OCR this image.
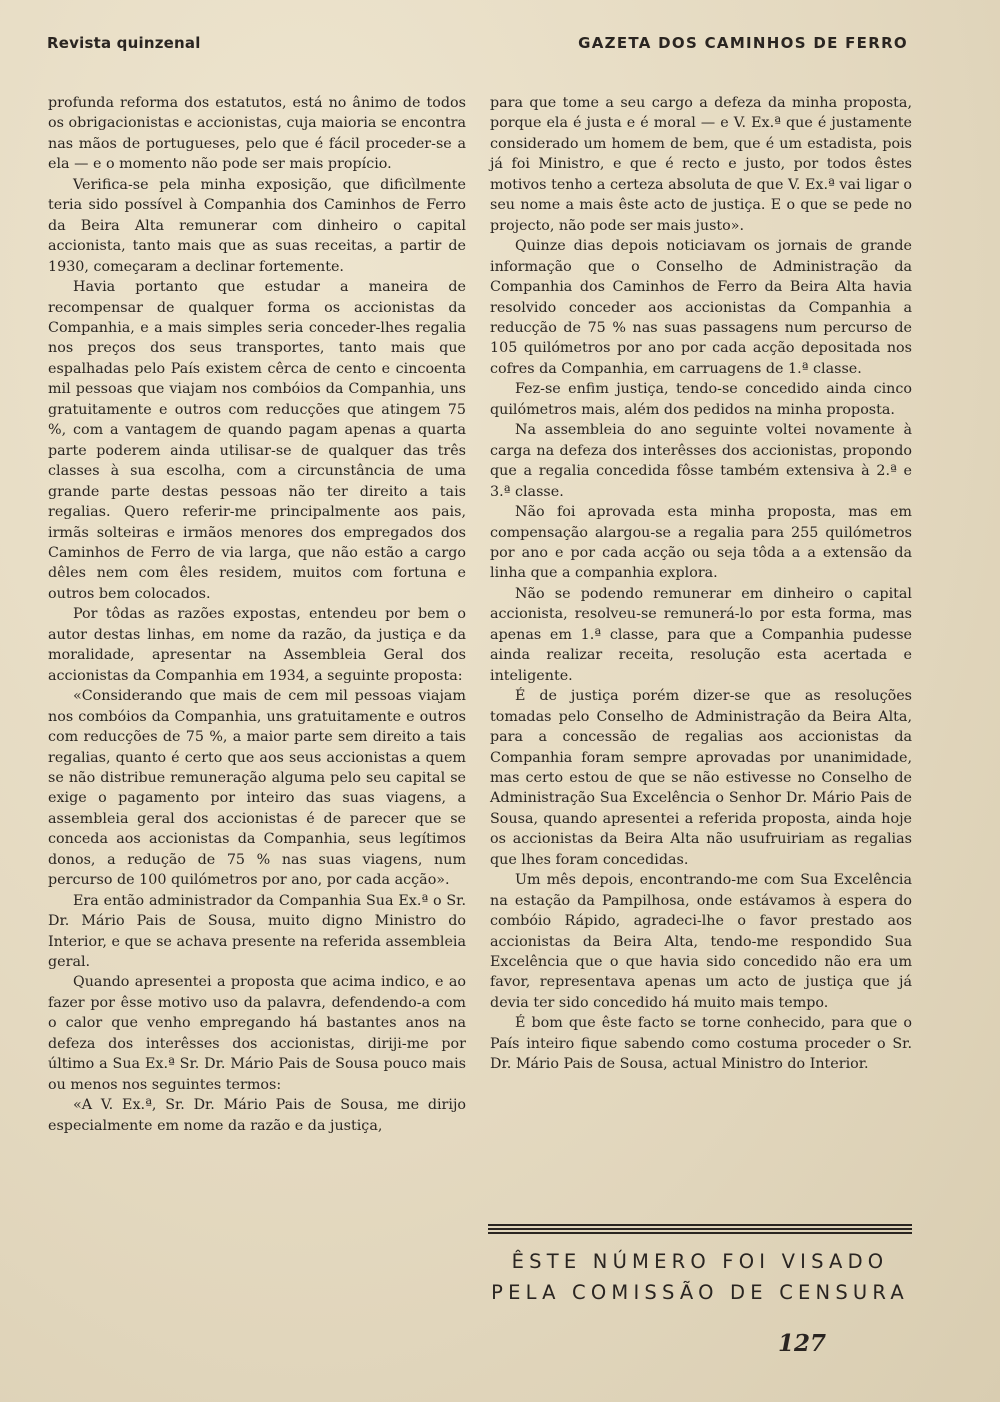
Revista quinzenal	GAZETA DOS CAMINHOS DE FERRO

profunda reforma dos estatutos, está no ânimo de todos os obrigacionistas e accionistas, cuja maioria se encontra nas mãos de portugueses, pelo que é fácil proceder-se a ela — e o momento não pode ser mais propício.

Verifica-se pela minha exposição, que dificìlmente teria sido possível à Companhia dos Caminhos de Ferro da Beira Alta remunerar com dinheiro o capital accionista, tanto mais que as suas receitas, a partir de 1930, começaram a declinar fortemente.

Havia portanto que estudar a maneira de recompensar de qualquer forma os accionistas da Companhia, e a mais simples seria conceder-lhes regalia nos preços dos seus transportes, tanto mais que espalhadas pelo País existem cêrca de cento e cincoenta mil pessoas que viajam nos combóios da Companhia, uns gratuitamente e outros com reducções que atingem 75 %, com a vantagem de quando pagam apenas a quarta parte poderem ainda utilisar-se de qualquer das três classes à sua escolha, com a circunstância de uma grande parte destas pessoas não ter direito a tais regalias. Quero referir-me principalmente aos pais, irmãs solteiras e irmãos menores dos empregados dos Caminhos de Ferro de via larga, que não estão a cargo dêles nem com êles residem, muitos com fortuna e outros bem colocados.

Por tôdas as razões expostas, entendeu por bem o autor destas linhas, em nome da razão, da justiça e da moralidade, apresentar na Assembleia Geral dos accionistas da Companhia em 1934, a seguinte proposta:

«Considerando que mais de cem mil pessoas viajam nos combóios da Companhia, uns gratuitamente e outros com reducções de 75 %, a maior parte sem direito a tais regalias, quanto é certo que aos seus accionistas a quem se não distribue remuneração alguma pelo seu capital se exige o pagamento por inteiro das suas viagens, a assembleia geral dos accionistas é de parecer que se conceda aos accionistas da Companhia, seus legítimos donos, a redução de 75 % nas suas viagens, num percurso de 100 quilómetros por ano, por cada acção».

Era então administrador da Companhia Sua Ex.ª o Sr. Dr. Mário Pais de Sousa, muito digno Ministro do Interior, e que se achava presente na referida assembleia geral.

Quando apresentei a proposta que acima indico, e ao fazer por êsse motivo uso da palavra, defendendo-a com o calor que venho empregando há bastantes anos na defeza dos interêsses dos accionistas, diriji-me por último a Sua Ex.ª Sr. Dr. Mário Pais de Sousa pouco mais ou menos nos seguintes termos:

«A V. Ex.ª, Sr. Dr. Mário Pais de Sousa, me dirijo especialmente em nome da razão e da justiça,

para que tome a seu cargo a defeza da minha proposta, porque ela é justa e é moral — e V. Ex.ª que é justamente considerado um homem de bem, que é um estadista, pois já foi Ministro, e que é recto e justo, por todos êstes motivos tenho a certeza absoluta de que V. Ex.ª vai ligar o seu nome a mais êste acto de justiça. E o que se pede no projecto, não pode ser mais justo».

Quinze dias depois noticiavam os jornais de grande informação que o Conselho de Administração da Companhia dos Caminhos de Ferro da Beira Alta havia resolvido conceder aos accionistas da Companhia a reducção de 75 % nas suas passagens num percurso de 105 quilómetros por ano por cada acção depositada nos cofres da Companhia, em carruagens de 1.ª classe.

Fez-se enfim justiça, tendo-se concedido ainda cinco quilómetros mais, além dos pedidos na minha proposta.

Na assembleia do ano seguinte voltei novamente à carga na defeza dos interêsses dos accionistas, propondo que a regalia concedida fôsse também extensiva à 2.ª e 3.ª classe.

Não foi aprovada esta minha proposta, mas em compensação alargou-se a regalia para 255 quilómetros por ano e por cada acção ou seja tôda a a extensão da linha que a companhia explora.

Não se podendo remunerar em dinheiro o capital accionista, resolveu-se remunerá-lo por esta forma, mas apenas em 1.ª classe, para que a Companhia pudesse ainda realizar receita, resolução esta acertada e inteligente.

É de justiça porém dizer-se que as resoluções tomadas pelo Conselho de Administração da Beira Alta, para a concessão de regalias aos accionistas da Companhia foram sempre aprovadas por unanimidade, mas certo estou de que se não estivesse no Conselho de Administração Sua Excelência o Senhor Dr. Mário Pais de Sousa, quando apresentei a referida proposta, ainda hoje os accionistas da Beira Alta não usufruiriam as regalias que lhes foram concedidas.

Um mês depois, encontrando-me com Sua Excelência na estação da Pampilhosa, onde estávamos à espera do combóio Rápido, agradeci-lhe o favor prestado aos accionistas da Beira Alta, tendo-me respondido Sua Excelência que o que havia sido concedido não era um favor, representava apenas um acto de justiça que já devia ter sido concedido há muito mais tempo.

É bom que êste facto se torne conhecido, para que o País inteiro fique sabendo como costuma proceder o Sr. Dr. Mário Pais de Sousa, actual Ministro do Interior.

ÊSTE NÚMERO FOI VISADO
PELA COMISSÃO DE CENSURA
127
